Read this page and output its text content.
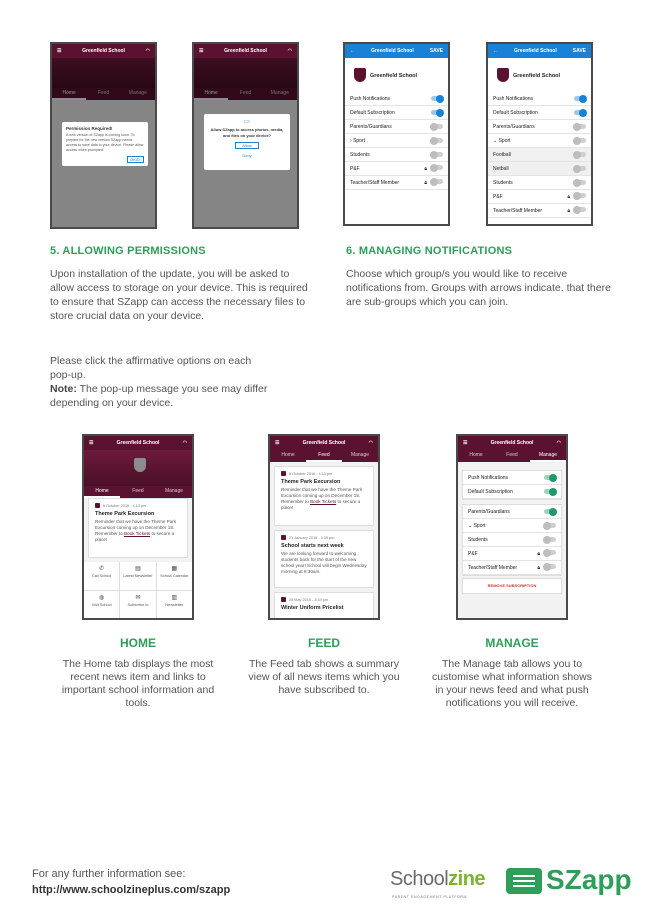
☰	Greenfield School	◠
Home	Feed	Manage
Permission Required!
A new version of SZapp is coming soon. To prepare for the new version SZapp needs access to save data to your device. Please allow access when prompted.
OKAY
☰	Greenfield School	◠
Home	Feed	Manage
▭
Allow SZapp to access photos, media, and files on your device?
Allow
Deny
←	Greenfield School	SAVE
Greenfield School
Push Notifications
Default Subscription
Parents/Guardians
› Sport
Students
P&F	🔒︎
Teacher/Staff Member	🔒︎
←	Greenfield School	SAVE
Greenfield School
Push Notifications
Default Subscription
Parents/Guardians
⌄ Sport
Football
Netball
Students
P&F	🔒︎
Teacher/Staff Member	🔒︎
5. ALLOWING PERMISSIONS
Upon installation of the update, you will be asked to allow access to storage on your device. This is required to ensure that SZapp can access the necessary files to store crucial data on your device.
Please click the affirmative options on each pop-up.
Note: The pop-up message you see may differ depending on your device.
6. MANAGING NOTIFICATIONS
Choose which group/s you would like to receive notifications from. Groups with arrows indicate. that there are sub-groups which you can join.
☰	Greenfield School	◠
Home	Feed	Manage
6 October 2016 - 4:13 pm
Theme Park Excursion
Reminder that we have the Theme Park Excursion coming up on December 18. Remember to Book Tickets to secure a place!
✆
Call School
▤
Latest Newsletter
▦
School Calendar
◍
Visit School
✉
Subscribe to
▥
Newsletter
☰	Greenfield School	◠
Home	Feed	Manage
6 October 2016 - 4:13 pm
Theme Park Excursion
Reminder that we have the Theme Park Excursion coming up on December 18. Remember to Book Tickets to secure a place!
21 January 2016 - 3:09 pm
School starts next week
We are looking forward to welcoming students back for the start of the new school year! School will begin Wednesday morning at 8:30am.
25 May 2015 - 3:34 pm
Winter Uniform Pricelist
☰	Greenfield School	◠
Home	Feed	Manage
Push Notifications
Default Subscription
Parents/Guardians
⌄ Sport
Students
P&F	🔒︎
Teacher/Staff Member	🔒︎
REMOVE SUBSCRIPTION
HOME
The Home tab displays the most recent news item and links to important school information and tools.
FEED
The Feed tab shows a summary view of all news items which you have subscribed to.
MANAGE
The Manage tab allows you to customise what information shows in your news feed and what push notifications you will receive.
For any further information see:
http://www.schoolzineplus.com/szapp	Schoolzine
PARENT ENGAGEMENT PLATFORM
SZapp
